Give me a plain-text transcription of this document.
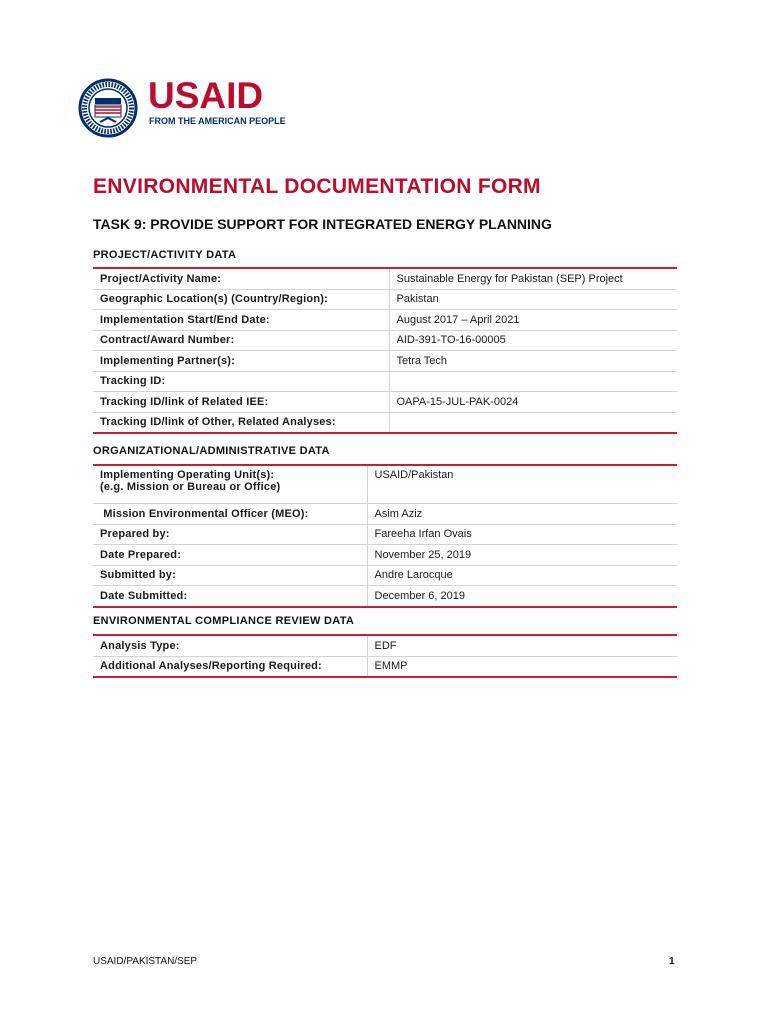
USAID
FROM THE AMERICAN PEOPLE
ENVIRONMENTAL DOCUMENTATION FORM
TASK 9: PROVIDE SUPPORT FOR INTEGRATED ENERGY PLANNING
PROJECT/ACTIVITY DATA
Project/Activity Name:	Sustainable Energy for Pakistan (SEP) Project
Geographic Location(s) (Country/Region):	Pakistan
Implementation Start/End Date:	August 2017 – April 2021
Contract/Award Number:	AID-391-TO-16-00005
Implementing Partner(s):	Tetra Tech
Tracking ID:	
Tracking ID/link of Related IEE:	OAPA-15-JUL-PAK-0024
Tracking ID/link of Other, Related Analyses:	
ORGANIZATIONAL/ADMINISTRATIVE DATA
Implementing Operating Unit(s):
(e.g. Mission or Bureau or Office)	USAID/Pakistan
Mission Environmental Officer (MEO):	Asim Aziz
Prepared by:	Fareeha Irfan Ovais
Date Prepared:	November 25, 2019
Submitted by:	Andre Larocque
Date Submitted:	December 6, 2019
ENVIRONMENTAL COMPLIANCE REVIEW DATA
Analysis Type:	EDF
Additional Analyses/Reporting Required:	EMMP
USAID/PAKISTAN/SEP	1
